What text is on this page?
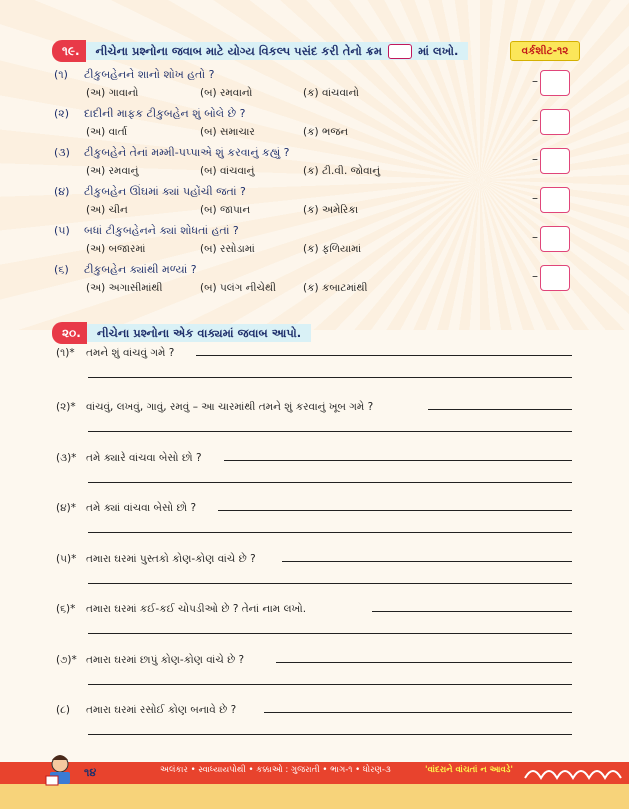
૧૯.	નીચેના પ્રશ્નોના જવાબ માટે યોગ્ય વિકલ્પ પસંદ કરી તેનો ક્રમ	માં લખો.	વર્કશીટ-૧૨
(૧) ટીકુબહેનને શાનો શોખ હતો ?
(અ) ગાવાનો	(બ) રમવાનો	(ક) વાંચવાનો
–
(૨) દાદીની માફક ટીકુબહેન શું બોલે છે ?
(અ) વાર્તા	(બ) સમાચાર	(ક) ભજન
–
(૩) ટીકુબહેને તેનાં મમ્મી-પપ્પાએ શું કરવાનું કહ્યું ?
(અ) રમવાનું	(બ) વાંચવાનું	(ક) ટી.વી. જોવાનું
–
(૪) ટીકુબહેન ઊંઘમાં ક્યાં પહોંચી જતાં ?
(અ) ચીન	(બ) જાપાન	(ક) અમેરિકા
–
(૫) બધાં ટીકુબહેનને ક્યાં શોધતાં હતાં ?
(અ) બજારમાં	(બ) રસોડામાં	(ક) ફળિયામાં
–
(૬) ટીકુબહેન ક્યાંથી મળ્યાં ?
(અ) અગાસીમાંથી	(બ) પલંગ નીચેથી	(ક) કબાટમાંથી
–
૨૦.	નીચેના પ્રશ્નોના એક વાક્યમાં જવાબ આપો.
(૧)*	તમને શું વાંચવું ગમે ?
(૨)* વાંચવું, લખવું, ગાવું, રમવું – આ ચારમાંથી તમને શું કરવાનું ખૂબ ગમે ?
(૩)* તમે ક્યારે વાંચવા બેસો છો ?
(૪)* તમે ક્યાં વાંચવા બેસો છો ?
(૫)* તમારા ઘરમાં પુસ્તકો કોણ-કોણ વાંચે છે ?
(૬)*	તમારા ઘરમાં કઈ-કઈ ચોપડીઓ છે ? તેનાં નામ લખો.
(૭)* તમારા ઘરમાં છાપું કોણ-કોણ વાંચે છે ?
(૮)	તમારા ઘરમાં રસોઈ કોણ બનાવે છે ?
અલંકાર • સ્વાધ્યાયપોથી • કક્કાઓ : ગુજરાતી • ભાગ-૧ • ધોરણ-૩	'વાંદરાને વાંચતાં ન આવડે'
૧૪
